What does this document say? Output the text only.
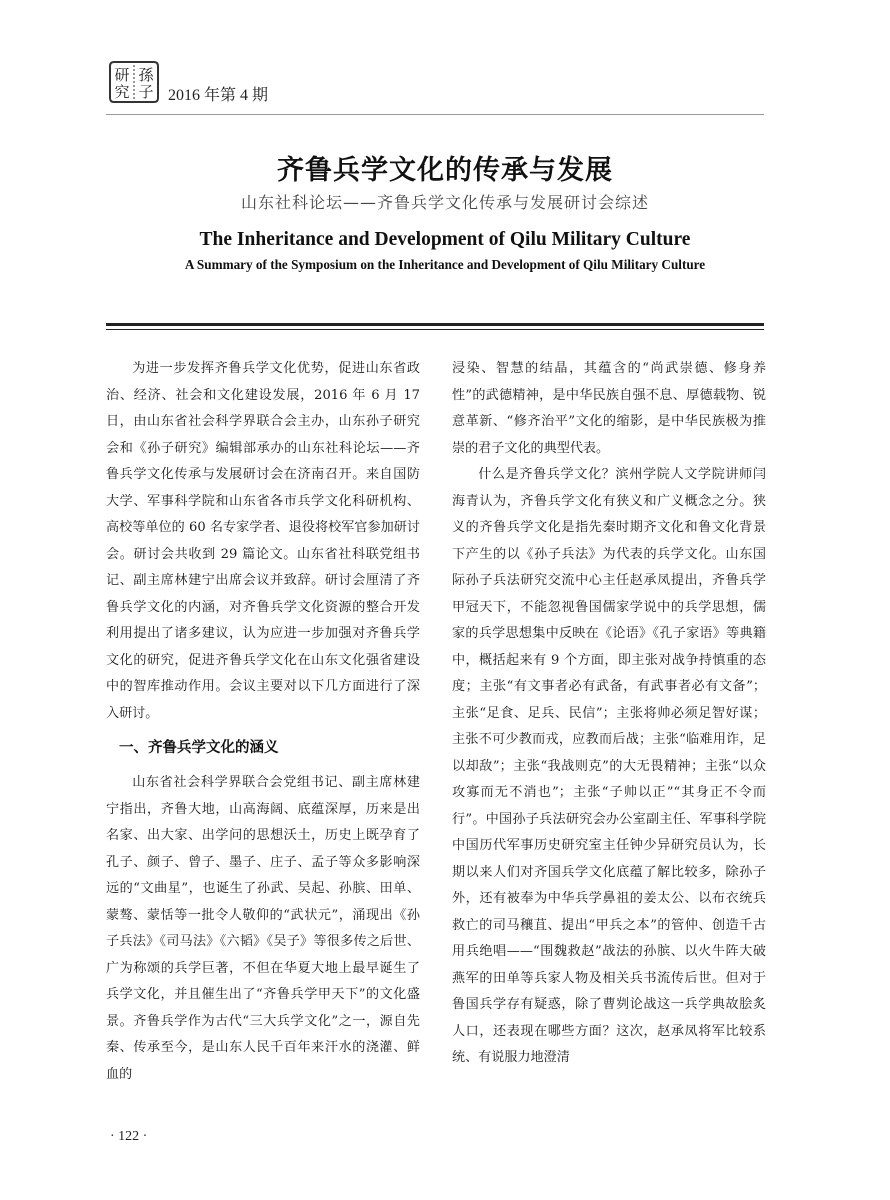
研 孫
究 子 2016 年第 4 期
齐鲁兵学文化的传承与发展
山东社科论坛——齐鲁兵学文化传承与发展研讨会综述
The Inheritance and Development of Qilu Military Culture
A Summary of the Symposium on the Inheritance and Development of Qilu Military Culture

为进一步发挥齐鲁兵学文化优势，促进山东省政治、经济、社会和文化建设发展，2016 年 6 月 17 日，由山东省社会科学界联合会主办，山东孙子研究会和《孙子研究》编辑部承办的山东社科论坛——齐鲁兵学文化传承与发展研讨会在济南召开。来自国防大学、军事科学院和山东省各市兵学文化科研机构、高校等单位的 60 名专家学者、退役将校军官参加研讨会。研讨会共收到 29 篇论文。山东省社科联党组书记、副主席林建宁出席会议并致辞。研讨会厘清了齐鲁兵学文化的内涵，对齐鲁兵学文化资源的整合开发利用提出了诸多建议，认为应进一步加强对齐鲁兵学文化的研究，促进齐鲁兵学文化在山东文化强省建设中的智库推动作用。会议主要对以下几方面进行了深入研讨。

一、齐鲁兵学文化的涵义

山东省社会科学界联合会党组书记、副主席林建宁指出，齐鲁大地，山高海阔、底蕴深厚，历来是出名家、出大家、出学问的思想沃土，历史上既孕育了孔子、颜子、曾子、墨子、庄子、孟子等众多影响深远的“文曲星”，也诞生了孙武、吴起、孙膑、田单、蒙骜、蒙恬等一批令人敬仰的“武状元”，涌现出《孙子兵法》《司马法》《六韬》《吴子》等很多传之后世、广为称颂的兵学巨著，不但在华夏大地上最早诞生了兵学文化，并且催生出了“齐鲁兵学甲天下”的文化盛景。齐鲁兵学作为古代“三大兵学文化”之一，源自先秦、传承至今，是山东人民千百年来汗水的浇灌、鲜血的

浸染、智慧的结晶，其蕴含的“尚武崇德、修身养性”的武德精神，是中华民族自强不息、厚德载物、锐意革新、“修齐治平”文化的缩影，是中华民族极为推崇的君子文化的典型代表。

什么是齐鲁兵学文化？滨州学院人文学院讲师闫海青认为，齐鲁兵学文化有狭义和广义概念之分。狭义的齐鲁兵学文化是指先秦时期齐文化和鲁文化背景下产生的以《孙子兵法》为代表的兵学文化。山东国际孙子兵法研究交流中心主任赵承凤提出，齐鲁兵学甲冠天下，不能忽视鲁国儒家学说中的兵学思想，儒家的兵学思想集中反映在《论语》《孔子家语》等典籍中，概括起来有 9 个方面，即主张对战争持慎重的态度；主张“有文事者必有武备，有武事者必有文备”；主张“足食、足兵、民信”；主张将帅必须足智好谋；主张不可少教而戎，应教而后战；主张“临难用诈，足以却敌”；主张“我战则克”的大无畏精神；主张“以众攻寡而无不消也”；主张“子帅以正”“其身正不令而行”。中国孙子兵法研究会办公室副主任、军事科学院中国历代军事历史研究室主任钟少异研究员认为，长期以来人们对齐国兵学文化底蕴了解比较多，除孙子外，还有被奉为中华兵学鼻祖的姜太公、以布衣统兵救亡的司马穰苴、提出“甲兵之本”的管仲、创造千古用兵绝唱——“围魏救赵”战法的孙膑、以火牛阵大破燕军的田单等兵家人物及相关兵书流传后世。但对于鲁国兵学存有疑惑，除了曹刿论战这一兵学典故脍炙人口，还表现在哪些方面？这次，赵承凤将军比较系统、有说服力地澄清

· 122 ·
